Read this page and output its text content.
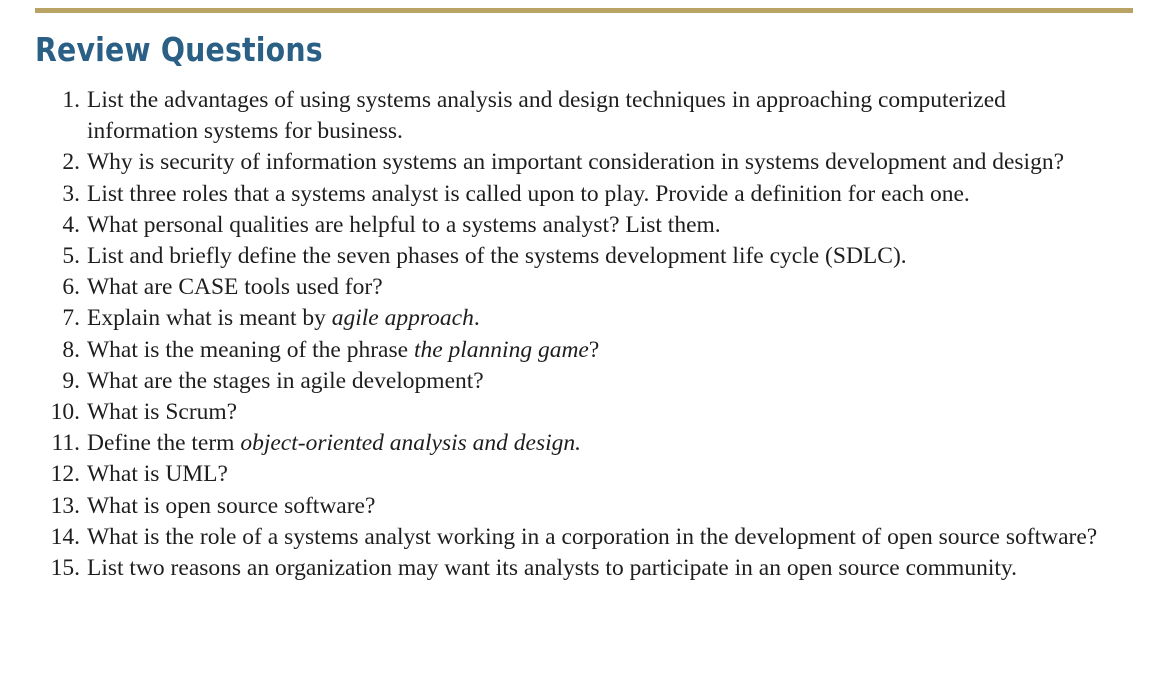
Review Questions
1. List the advantages of using systems analysis and design techniques in approaching computerized information systems for business.
2. Why is security of information systems an important consideration in systems development and design?
3. List three roles that a systems analyst is called upon to play. Provide a definition for each one.
4. What personal qualities are helpful to a systems analyst? List them.
5. List and briefly define the seven phases of the systems development life cycle (SDLC).
6. What are CASE tools used for?
7. Explain what is meant by agile approach.
8. What is the meaning of the phrase the planning game?
9. What are the stages in agile development?
10. What is Scrum?
11. Define the term object-oriented analysis and design.
12. What is UML?
13. What is open source software?
14. What is the role of a systems analyst working in a corporation in the development of open source software?
15. List two reasons an organization may want its analysts to participate in an open source community.
